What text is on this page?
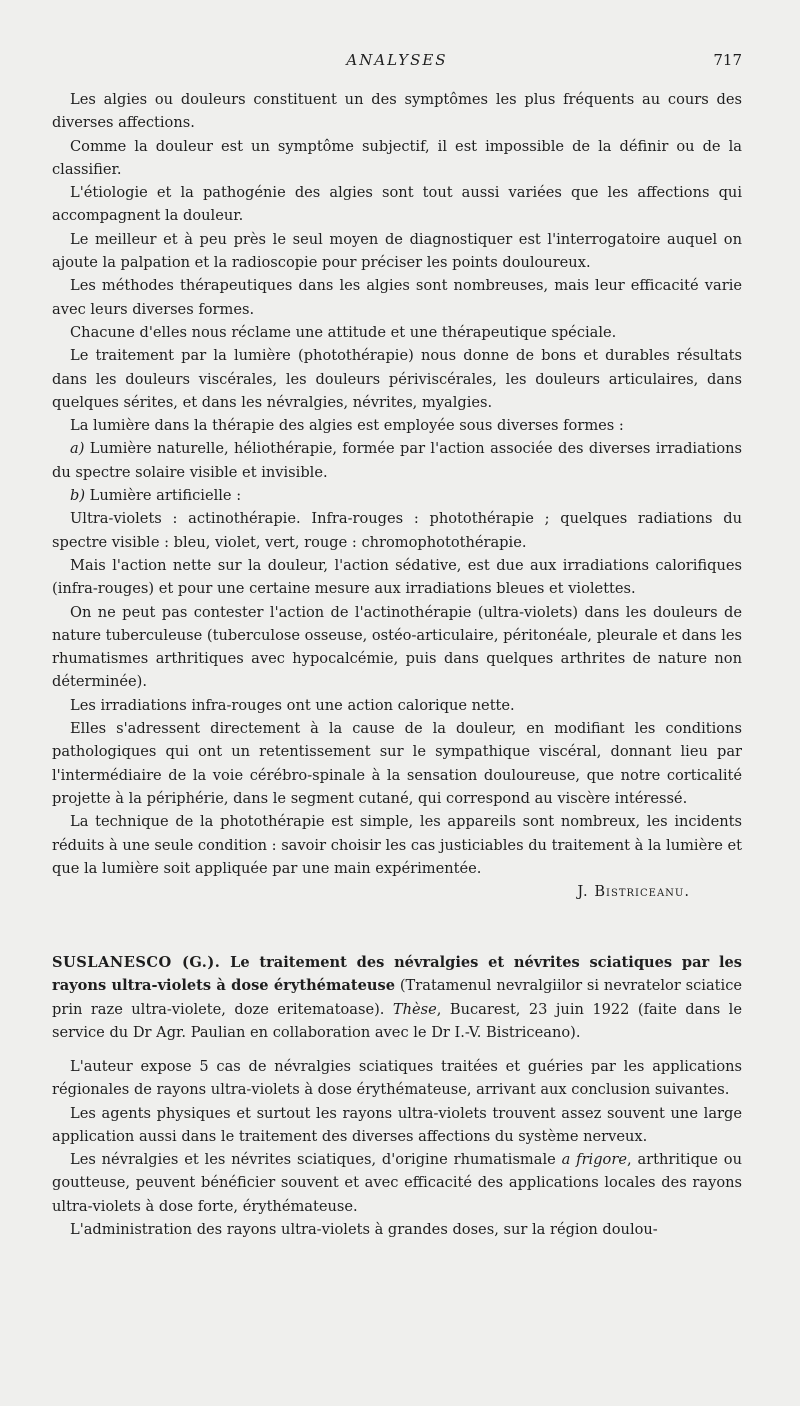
ANALYSES	717

Les algies ou douleurs constituent un des symptômes les plus fréquents au cours des diverses affections.

Comme la douleur est un symptôme subjectif, il est impossible de la définir ou de la classifier.

L'étiologie et la pathogénie des algies sont tout aussi variées que les affections qui accompagnent la douleur.

Le meilleur et à peu près le seul moyen de diagnostiquer est l'interrogatoire auquel on ajoute la palpation et la radioscopie pour préciser les points douloureux.

Les méthodes thérapeutiques dans les algies sont nombreuses, mais leur efficacité varie avec leurs diverses formes.

Chacune d'elles nous réclame une attitude et une thérapeutique spéciale.

Le traitement par la lumière (photothérapie) nous donne de bons et durables résultats dans les douleurs viscérales, les douleurs périviscérales, les douleurs articulaires, dans quelques sérites, et dans les névralgies, névrites, myalgies.

La lumière dans la thérapie des algies est employée sous diverses formes :

a) Lumière naturelle, héliothérapie, formée par l'action associée des diverses irradiations du spectre solaire visible et invisible.

b) Lumière artificielle :

Ultra-violets : actinothérapie. Infra-rouges : photothérapie ; quelques radiations du spectre visible : bleu, violet, vert, rouge : chromophotothérapie.

Mais l'action nette sur la douleur, l'action sédative, est due aux irradiations calorifiques (infra-rouges) et pour une certaine mesure aux irradiations bleues et violettes.

On ne peut pas contester l'action de l'actinothérapie (ultra-violets) dans les douleurs de nature tuberculeuse (tuberculose osseuse, ostéo-articulaire, péritonéale, pleurale et dans les rhumatismes arthritiques avec hypocalcémie, puis dans quelques arthrites de nature non déterminée).

Les irradiations infra-rouges ont une action calorique nette.

Elles s'adressent directement à la cause de la douleur, en modifiant les conditions pathologiques qui ont un retentissement sur le sympathique viscéral, donnant lieu par l'intermédiaire de la voie cérébro-spinale à la sensation douloureuse, que notre corticalité projette à la périphérie, dans le segment cutané, qui correspond au viscère intéressé.

La technique de la photothérapie est simple, les appareils sont nombreux, les incidents réduits à une seule condition : savoir choisir les cas justiciables du traitement à la lumière et que la lumière soit appliquée par une main expérimentée.

J. Bistriceanu.

SUSLANESCO (G.). Le traitement des névralgies et névrites sciatiques par les rayons ultra-violets à dose érythémateuse (Tratamenul nevralgiilor si nevratelor sciatice prin raze ultra-violete, doze eritematoase). Thèse, Bucarest, 23 juin 1922 (faite dans le service du Dr Agr. Paulian en collaboration avec le Dr I.-V. Bistriceano).

L'auteur expose 5 cas de névralgies sciatiques traitées et guéries par les applications régionales de rayons ultra-violets à dose érythémateuse, arrivant aux conclusion suivantes.

Les agents physiques et surtout les rayons ultra-violets trouvent assez souvent une large application aussi dans le traitement des diverses affections du système nerveux.

Les névralgies et les névrites sciatiques, d'origine rhumatismale a frigore, arthritique ou goutteuse, peuvent bénéficier souvent et avec efficacité des applications locales des rayons ultra-violets à dose forte, érythémateuse.

L'administration des rayons ultra-violets à grandes doses, sur la région doulou-
